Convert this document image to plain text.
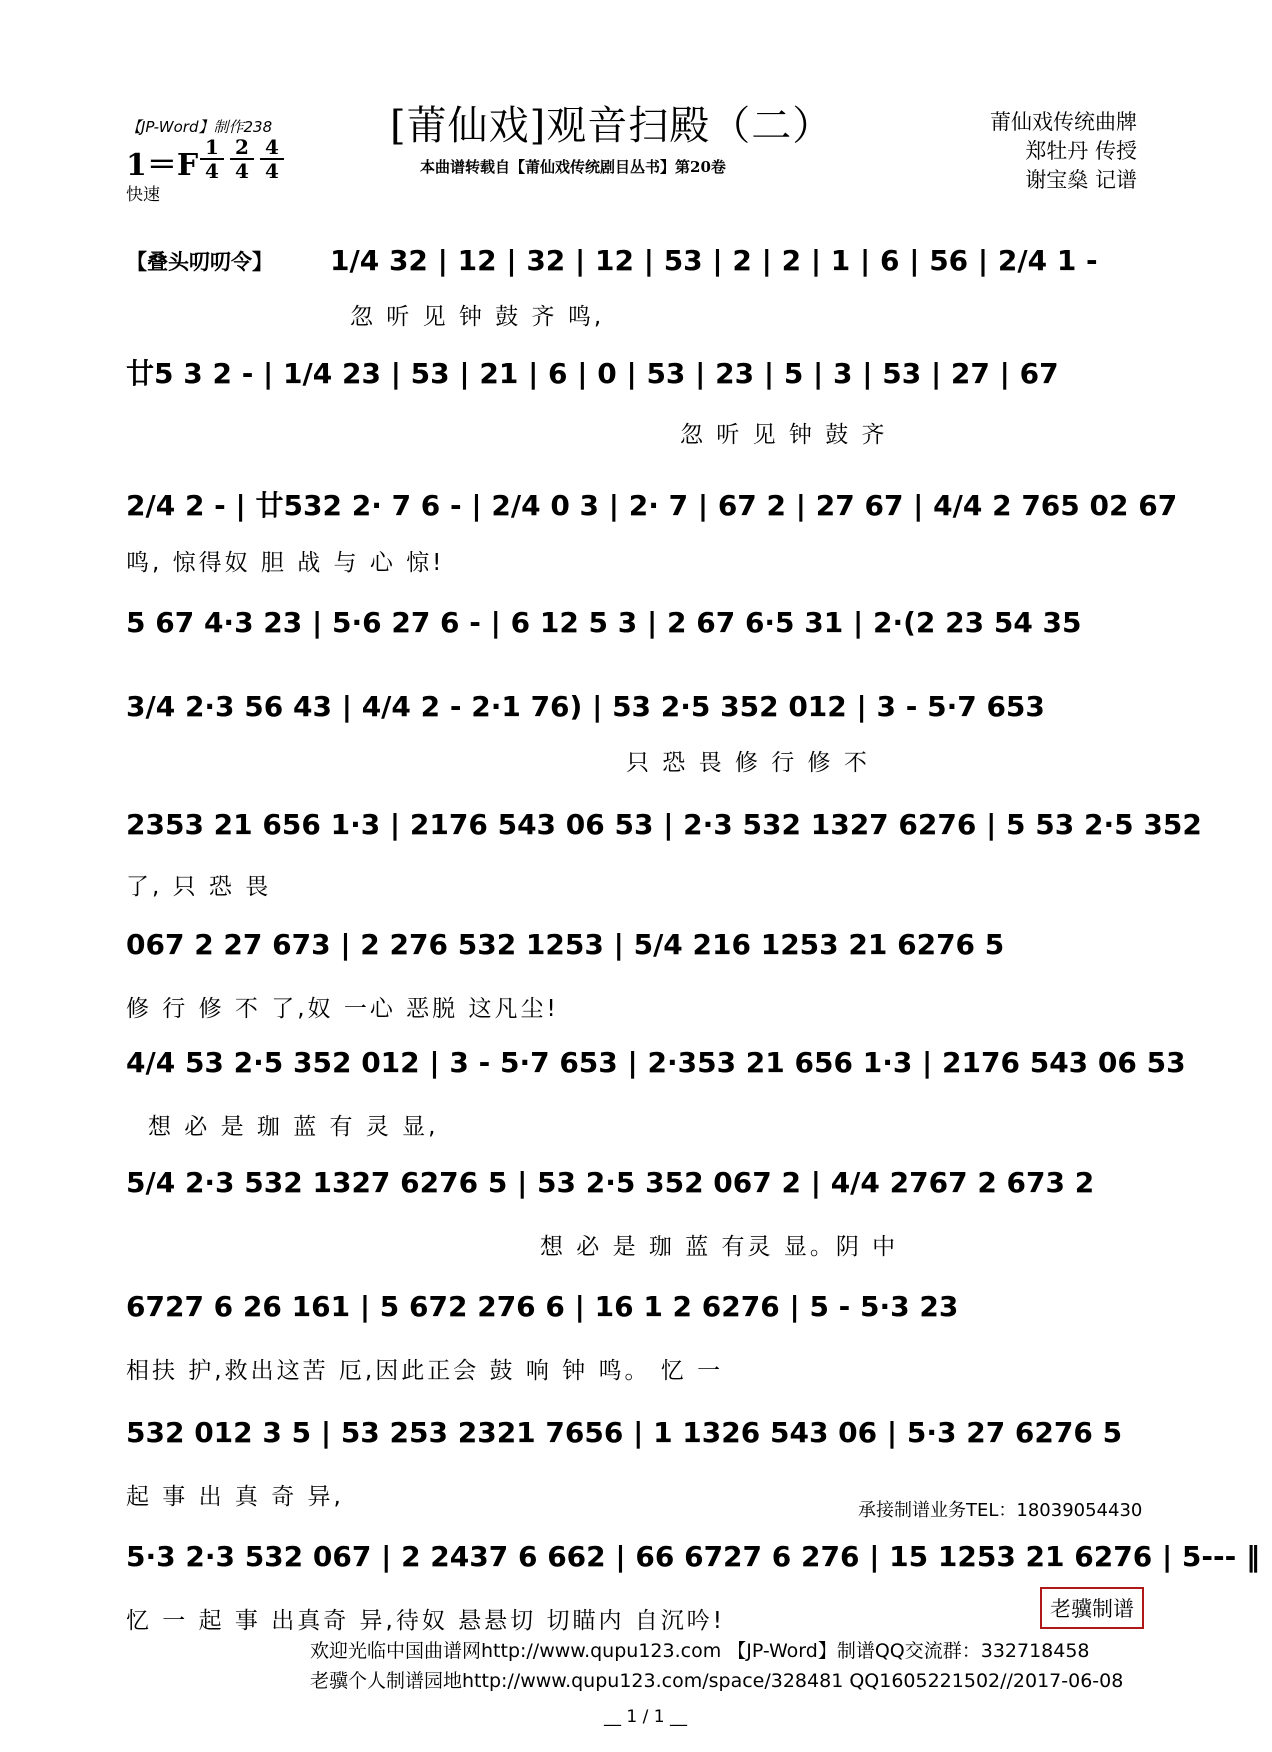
【JP-Word】制作238
$1=F \frac{1}{4} \frac{2}{4} \frac{4}{4}$
快速
[莆仙戏]观音扫殿（二）
本曲谱转载自【莆仙戏传统剧目丛书】第20卷
莆仙戏传统曲牌
郑牡丹 传授
谢宝燊 记谱
【叠头叨叨令】 1/4 32 | 12 | 32 | 12 | 53 | 2 | 2 | 1 | 6 | 56 | 2/4 1 -
忽 听 见 钟 鼓 齐 鸣,
廿5 3 2 - | 1/4 23 | 53 | 21 | 6 | 0 | 53 | 23 | 5 | 3 | 53 | 27 | 67
忽 听 见 钟 鼓 齐
2/4 2 - | 廿532 2· 7 6 - | 2/4 0 3 | 2· 7 | 67 2 | 27 67 | 4/4 2 765 02 67
鸣, 惊得奴 胆 战 与 心 惊!
5 67 4·3 23 | 5·6 27 6 - | 6 12 5 3 | 2 67 6·5 31 | 2·(2 23 54 35
3/4 2·3 56 43 | 4/4 2 - 2·1 76) | 53 2·5 352 012 | 3 - 5·7 653
只 恐 畏 修 行 修 不
2353 21 656 1·3 | 2176 543 06 53 | 2·3 532 1327 6276 | 5 53 2·5 352
了, 只 恐 畏
067 2 27 673 | 2 276 532 1253 | 5/4 216 1253 21 6276 5
修 行 修 不 了,奴 一心 恶脱 这凡尘!
4/4 53 2·5 352 012 | 3 - 5·7 653 | 2·353 21 656 1·3 | 2176 543 06 53
想 必 是 珈 蓝 有 灵 显,
5/4 2·3 532 1327 6276 5 | 53 2·5 352 067 2 | 4/4 2767 2 673 2
想 必 是 珈 蓝 有灵 显。阴 中
6727 6 26 161 | 5 672 276 6 | 16 1 2 6276 | 5 - 5·3 23
相扶 护,救出这苦 厄,因此正会 鼓 响 钟 鸣。 忆 一
532 012 3 5 | 53 253 2321 7656 | 1 1326 543 06 | 5·3 27 6276 5
起 事 出 真 奇 异,
承接制谱业务TEL：18039054430
5·3 2·3 532 067 | 2 2437 6 662 | 66 6727 6 276 | 15 1253 21 6276 | 5--- ‖
忆 一 起 事 出真奇 异,待奴 悬悬切 切瞄内 自沉吟!	老骥制谱
欢迎光临中国曲谱网http://www.qupu123.com 【JP-Word】制谱QQ交流群：332718458
老骥个人制谱园地http://www.qupu123.com/space/328481 QQ1605221502//2017-06-08
__ 1 / 1 __
